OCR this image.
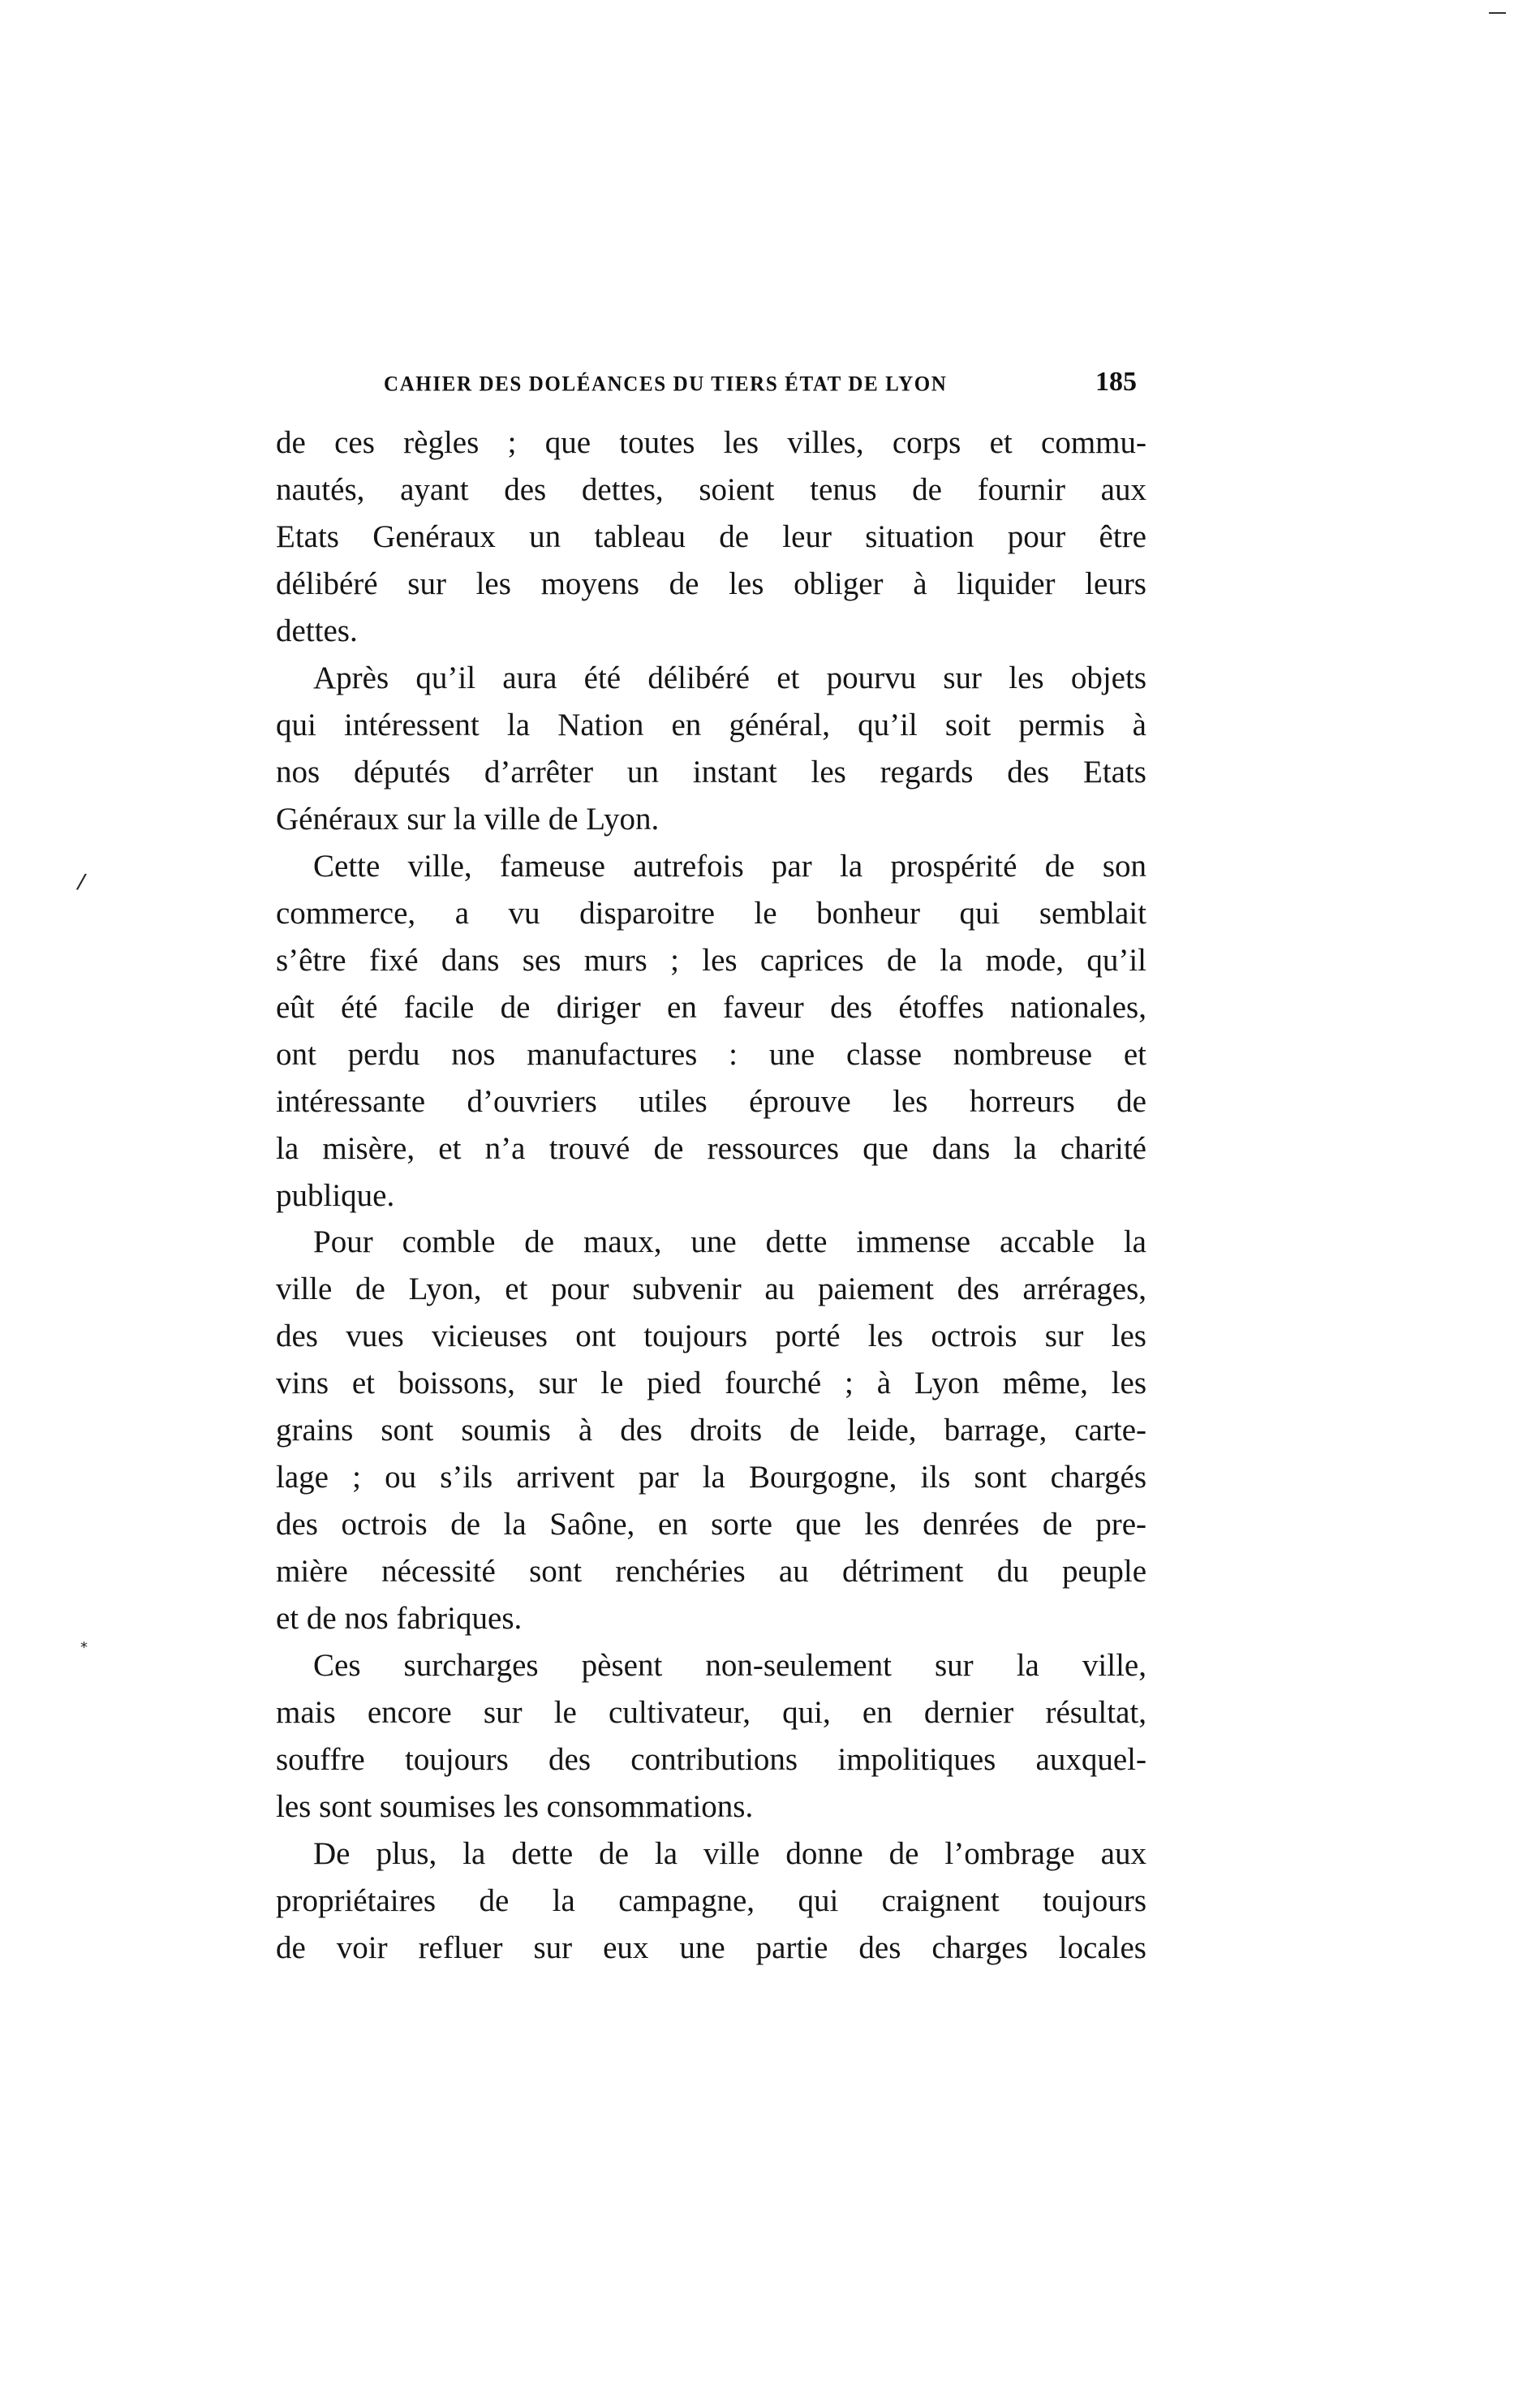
CAHIER DES DOLÉANCES DU TIERS ÉTAT DE LYON	185
de ces règles ; que toutes les villes, corps et commu-
nautés, ayant des dettes, soient tenus de fournir aux
Etats Genéraux un tableau de leur situation pour être
délibéré sur les moyens de les obliger à liquider leurs
dettes.
Après qu’il aura été délibéré et pourvu sur les objets
qui intéressent la Nation en général, qu’il soit permis à
nos députés d’arrêter un instant les regards des Etats
Généraux sur la ville de Lyon.
Cette ville, fameuse autrefois par la prospérité de son
commerce, a vu disparoitre le bonheur qui semblait
s’être fixé dans ses murs ; les caprices de la mode, qu’il
eût été facile de diriger en faveur des étoffes nationales,
ont perdu nos manufactures : une classe nombreuse et
intéressante d’ouvriers utiles éprouve les horreurs de
la misère, et n’a trouvé de ressources que dans la charité
publique.
Pour comble de maux, une dette immense accable la
ville de Lyon, et pour subvenir au paiement des arrérages,
des vues vicieuses ont toujours porté les octrois sur les
vins et boissons, sur le pied fourché ; à Lyon même, les
grains sont soumis à des droits de leide, barrage, carte-
lage ; ou s’ils arrivent par la Bourgogne, ils sont chargés
des octrois de la Saône, en sorte que les denrées de pre-
mière nécessité sont renchéries au détriment du peuple
et de nos fabriques.
Ces surcharges pèsent non-seulement sur la ville,
mais encore sur le cultivateur, qui, en dernier résultat,
souffre toujours des contributions impolitiques auxquel-
les sont soumises les consommations.
De plus, la dette de la ville donne de l’ombrage aux
propriétaires de la campagne, qui craignent toujours
de voir refluer sur eux une partie des charges locales
/
*
